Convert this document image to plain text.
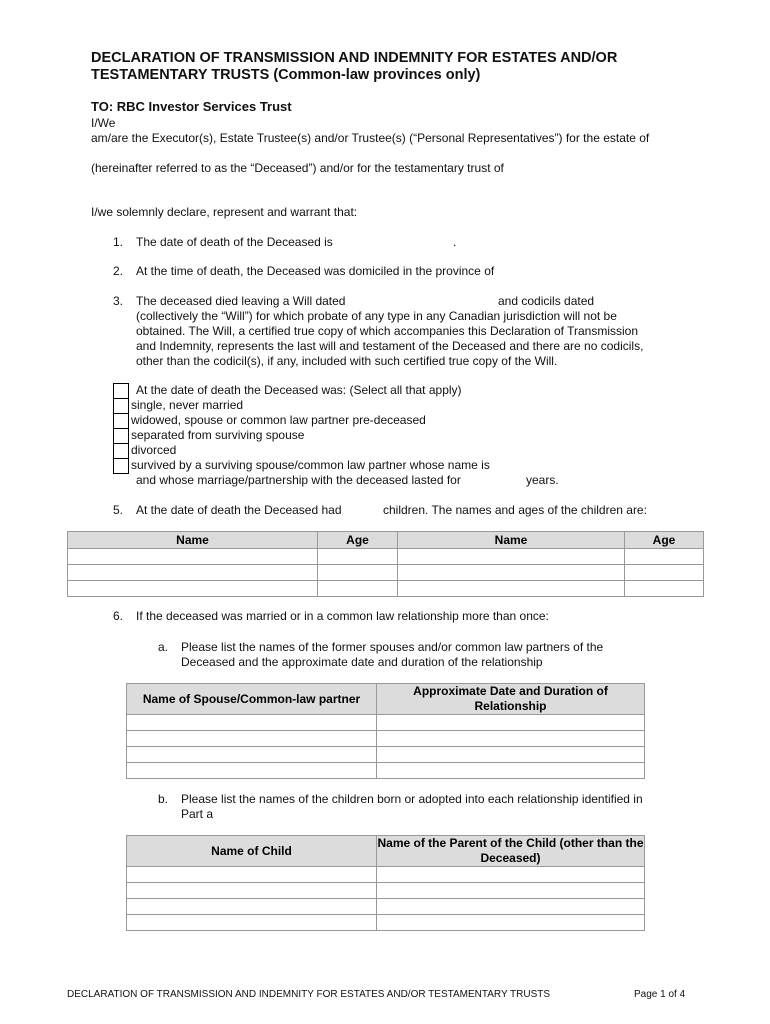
DECLARATION OF TRANSMISSION AND INDEMNITY FOR ESTATES AND/OR
TESTAMENTARY TRUSTS (Common-law provinces only)
TO: RBC Investor Services Trust
I/We
am/are the Executor(s), Estate Trustee(s) and/or Trustee(s) (“Personal Representatives”) for the estate of
(hereinafter referred to as the “Deceased”) and/or for the testamentary trust of
I/we solemnly declare, represent and warrant that:
1. The date of death of the Deceased is	.
2. At the time of death, the Deceased was domiciled in the province of
3. The deceased died leaving a Will dated	and codicils dated
(collectively the “Will”) for which probate of any type in any Canadian jurisdiction will not be
obtained. The Will, a certified true copy of which accompanies this Declaration of Transmission
and Indemnity, represents the last will and testament of the Deceased and there are no codicils,
other than the codicil(s), if any, included with such certified true copy of the Will.
At the date of death the Deceased was: (Select all that apply)
single, never married
widowed, spouse or common law partner pre-deceased
separated from surviving spouse
divorced
survived by a surviving spouse/common law partner whose name is
and whose marriage/partnership with the deceased lasted for	years.
5. At the date of death the Deceased had	children. The names and ages of the children are:
Name	Age	Name	Age

6. If the deceased was married or in a common law relationship more than once:
a. Please list the names of the former spouses and/or common law partners of the
Deceased and the approximate date and duration of the relationship
Name of Spouse/Common-law partner	Approximate Date and Duration of Relationship

b. Please list the names of the children born or adopted into each relationship identified in
Part a
Name of Child	Name of the Parent of the Child (other than the Deceased)

DECLARATION OF TRANSMISSION AND INDEMNITY FOR ESTATES AND/OR TESTAMENTARY TRUSTS	Page 1 of 4
